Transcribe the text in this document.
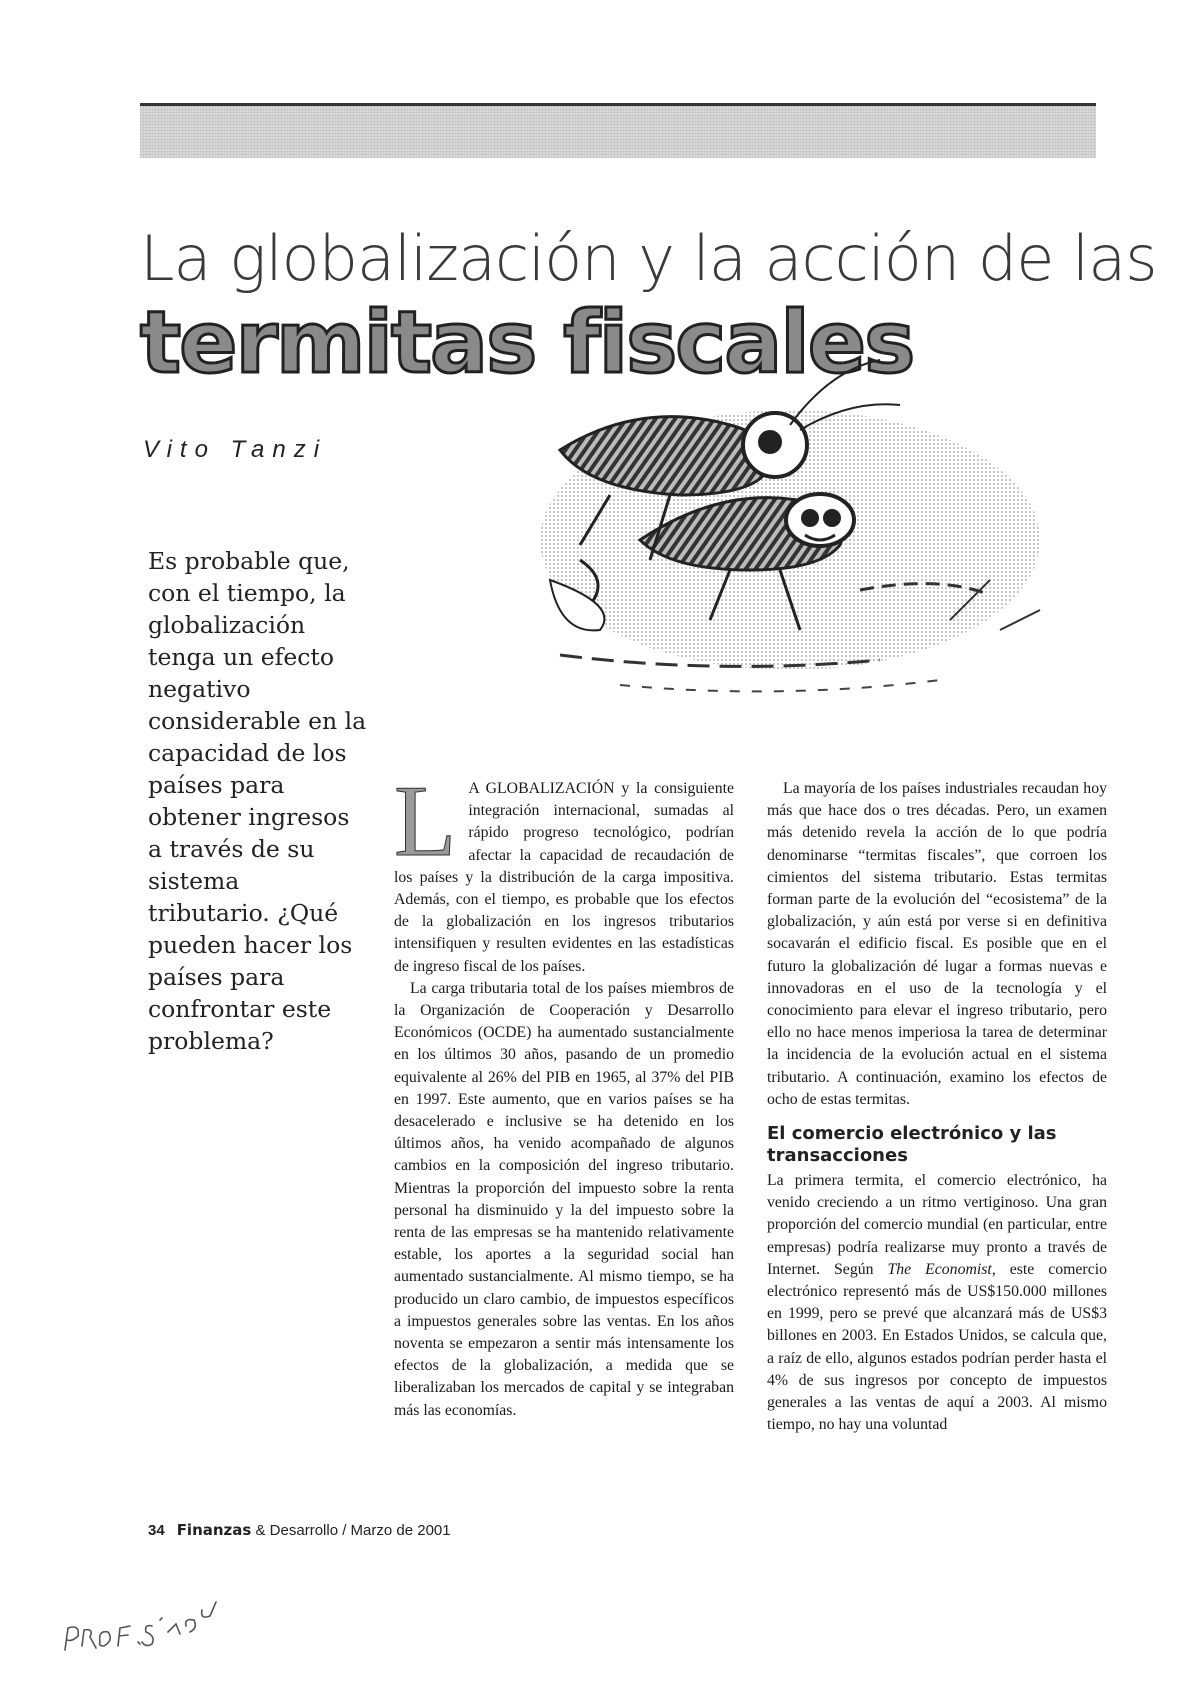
La globalización y la acción de las
termitas fiscales

Vito Tanzi

Es probable que, con el tiempo, la globalización tenga un efecto negativo considerable en la capacidad de los países para obtener ingresos a través de su sistema tributario. ¿Qué pueden hacer los países para confrontar este problema?

L A GLOBALIZACIÓN y la consiguiente integración internacional, sumadas al rápido progreso tecnológico, podrían afectar la capacidad de recaudación de los países y la distribución de la carga impositiva. Además, con el tiempo, es probable que los efectos de la globalización en los ingresos tributarios intensifiquen y resulten evidentes en las estadísticas de ingreso fiscal de los países.

La carga tributaria total de los países miembros de la Organización de Cooperación y Desarrollo Económicos (OCDE) ha aumentado sustancialmente en los últimos 30 años, pasando de un promedio equivalente al 26% del PIB en 1965, al 37% del PIB en 1997. Este aumento, que en varios países se ha desacelerado e inclusive se ha detenido en los últimos años, ha venido acompañado de algunos cambios en la composición del ingreso tributario. Mientras la proporción del impuesto sobre la renta personal ha disminuido y la del impuesto sobre la renta de las empresas se ha mantenido relativamente estable, los aportes a la seguridad social han aumentado sustancialmente. Al mismo tiempo, se ha producido un claro cambio, de impuestos específicos a impuestos generales sobre las ventas. En los años noventa se empezaron a sentir más intensamente los efectos de la globalización, a medida que se liberalizaban los mercados de capital y se integraban más las economías.

La mayoría de los países industriales recaudan hoy más que hace dos o tres décadas. Pero, un examen más detenido revela la acción de lo que podría denominarse “termitas fiscales”, que corroen los cimientos del sistema tributario. Estas termitas forman parte de la evolución del “ecosistema” de la globalización, y aún está por verse si en definitiva socavarán el edificio fiscal. Es posible que en el futuro la globalización dé lugar a formas nuevas e innovadoras en el uso de la tecnología y el conocimiento para elevar el ingreso tributario, pero ello no hace menos imperiosa la tarea de determinar la incidencia de la evolución actual en el sistema tributario. A continuación, examino los efectos de ocho de estas termitas.

El comercio electrónico y las transacciones

La primera termita, el comercio electrónico, ha venido creciendo a un ritmo vertiginoso. Una gran proporción del comercio mundial (en particular, entre empresas) podría realizarse muy pronto a través de Internet. Según The Economist, este comercio electrónico representó más de US$150.000 millones en 1999, pero se prevé que alcanzará más de US$3 billones en 2003. En Estados Unidos, se calcula que, a raíz de ello, algunos estados podrían perder hasta el 4% de sus ingresos por concepto de impuestos generales a las ventas de aquí a 2003. Al mismo tiempo, no hay una voluntad

34 Finanzas & Desarrollo / Marzo de 2001
